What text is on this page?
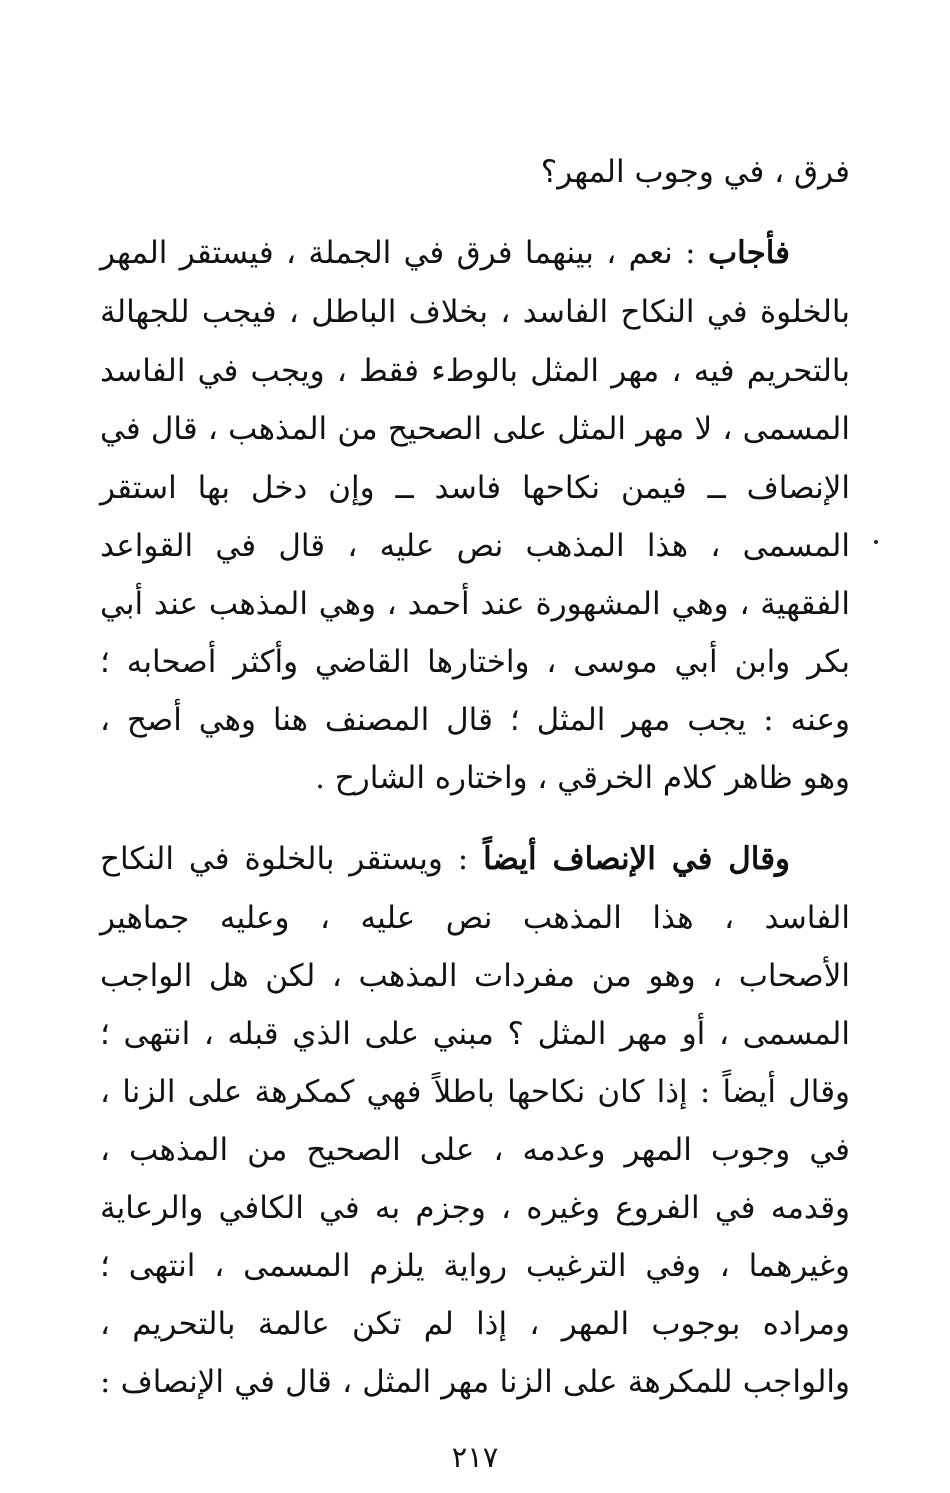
فرق ، في وجوب المهر؟
فأجاب : نعم ، بينهما فرق في الجملة ، فيستقر المهر
بالخلوة في النكاح الفاسد ، بخلاف الباطل ، فيجب للجهالة
بالتحريم فيه ، مهر المثل بالوطء فقط ، ويجب في الفاسد
المسمى ، لا مهر المثل على الصحيح من المذهب ، قال في
الإنصاف ــ فيمن نكاحها فاسد ــ وإن دخل بها استقر
المسمى ، هذا المذهب نص عليه ، قال في القواعد
الفقهية ، وهي المشهورة عند أحمد ، وهي المذهب عند أبي
بكر وابن أبي موسى ، واختارها القاضي وأكثر أصحابه ؛
وعنه : يجب مهر المثل ؛ قال المصنف هنا وهي أصح ،
وهو ظاهر كلام الخرقي ، واختاره الشارح .
وقال في الإنصاف أيضاً : ويستقر بالخلوة في النكاح
الفاسد ، هذا المذهب نص عليه ، وعليه جماهير
الأصحاب ، وهو من مفردات المذهب ، لكن هل الواجب
المسمى ، أو مهر المثل ؟ مبني على الذي قبله ، انتهى ؛
وقال أيضاً : إذا كان نكاحها باطلاً فهي كمكرهة على الزنا ،
في وجوب المهر وعدمه ، على الصحيح من المذهب ،
وقدمه في الفروع وغيره ، وجزم به في الكافي والرعاية
وغيرهما ، وفي الترغيب رواية يلزم المسمى ، انتهى ؛
ومراده بوجوب المهر ، إذا لم تكن عالمة بالتحريم ،
والواجب للمكرهة على الزنا مهر المثل ، قال في الإنصاف :
٢١٧
